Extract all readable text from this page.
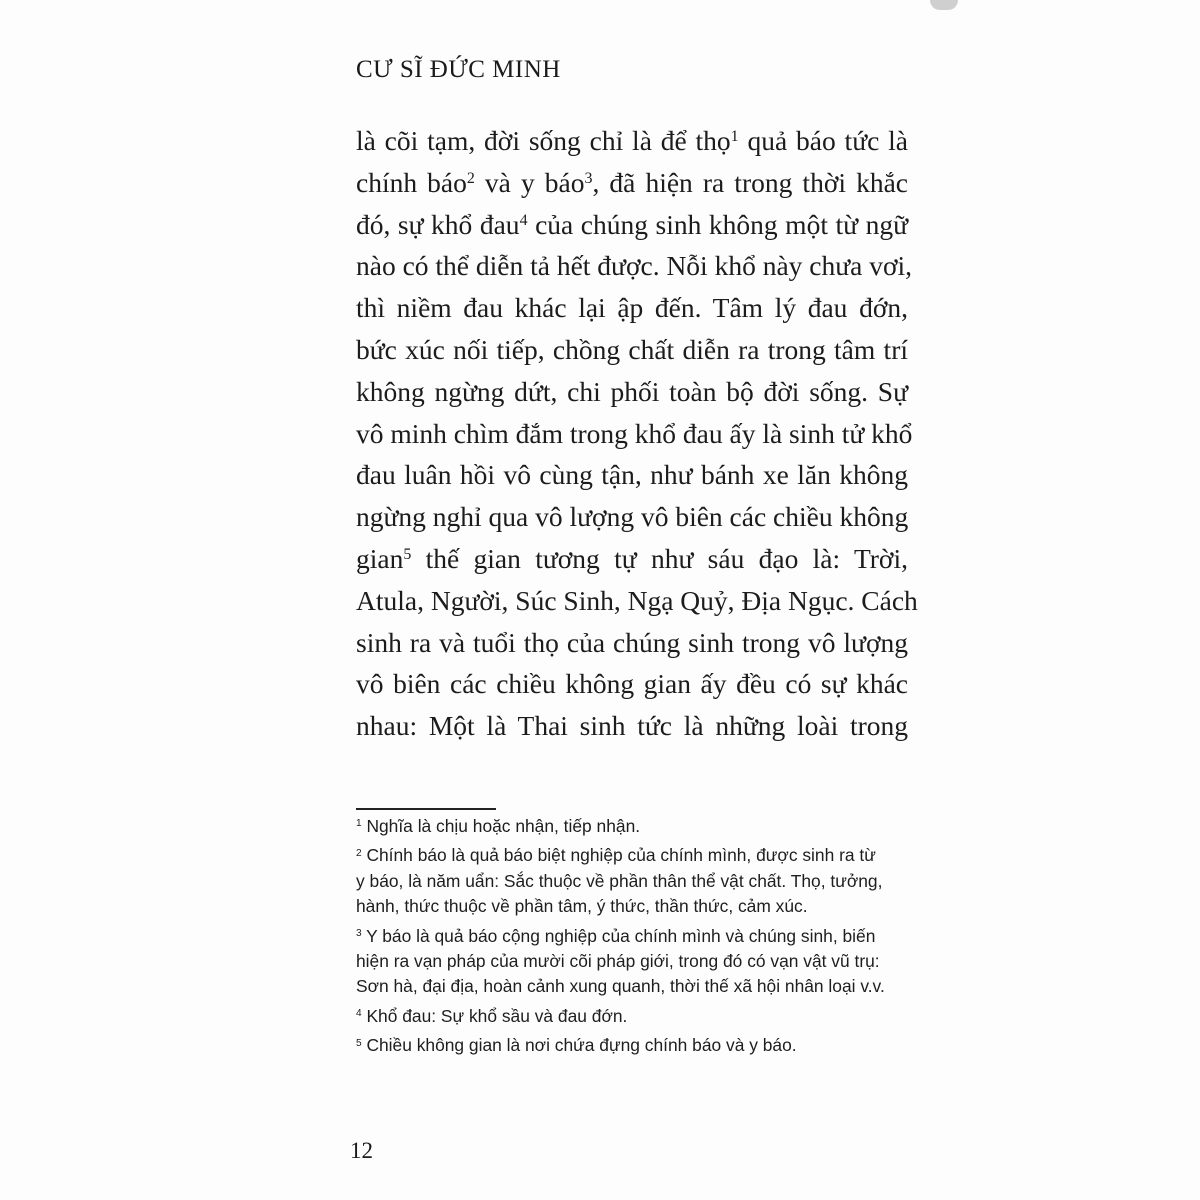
CƯ SĨ ĐỨC MINH
là cõi tạm, đời sống chỉ là để thọ$^1$ quả báo tức là
chính báo$^2$ và y báo$^3$, đã hiện ra trong thời khắc
đó, sự khổ đau$^4$ của chúng sinh không một từ ngữ
nào có thể diễn tả hết được. Nỗi khổ này chưa vơi,
thì niềm đau khác lại ập đến. Tâm lý đau đớn,
bức xúc nối tiếp, chồng chất diễn ra trong tâm trí
không ngừng dứt, chi phối toàn bộ đời sống. Sự
vô minh chìm đắm trong khổ đau ấy là sinh tử khổ
đau luân hồi vô cùng tận, như bánh xe lăn không
ngừng nghỉ qua vô lượng vô biên các chiều không
gian$^5$ thế gian tương tự như sáu đạo là: Trời,
Atula, Người, Súc Sinh, Ngạ Quỷ, Địa Ngục. Cách
sinh ra và tuổi thọ của chúng sinh trong vô lượng
vô biên các chiều không gian ấy đều có sự khác
nhau: Một là Thai sinh tức là những loài trong
$^1$ Nghĩa là chịu hoặc nhận, tiếp nhận.
$^2$ Chính báo là quả báo biệt nghiệp của chính mình, được sinh ra từ
y báo, là năm uẩn: Sắc thuộc về phần thân thể vật chất. Thọ, tưởng,
hành, thức thuộc về phần tâm, ý thức, thần thức, cảm xúc.
$^3$ Y báo là quả báo cộng nghiệp của chính mình và chúng sinh, biến
hiện ra vạn pháp của mười cõi pháp giới, trong đó có vạn vật vũ trụ:
Sơn hà, đại địa, hoàn cảnh xung quanh, thời thế xã hội nhân loại v.v.
$^4$ Khổ đau: Sự khổ sầu và đau đớn.
$^5$ Chiều không gian là nơi chứa đựng chính báo và y báo.
12
